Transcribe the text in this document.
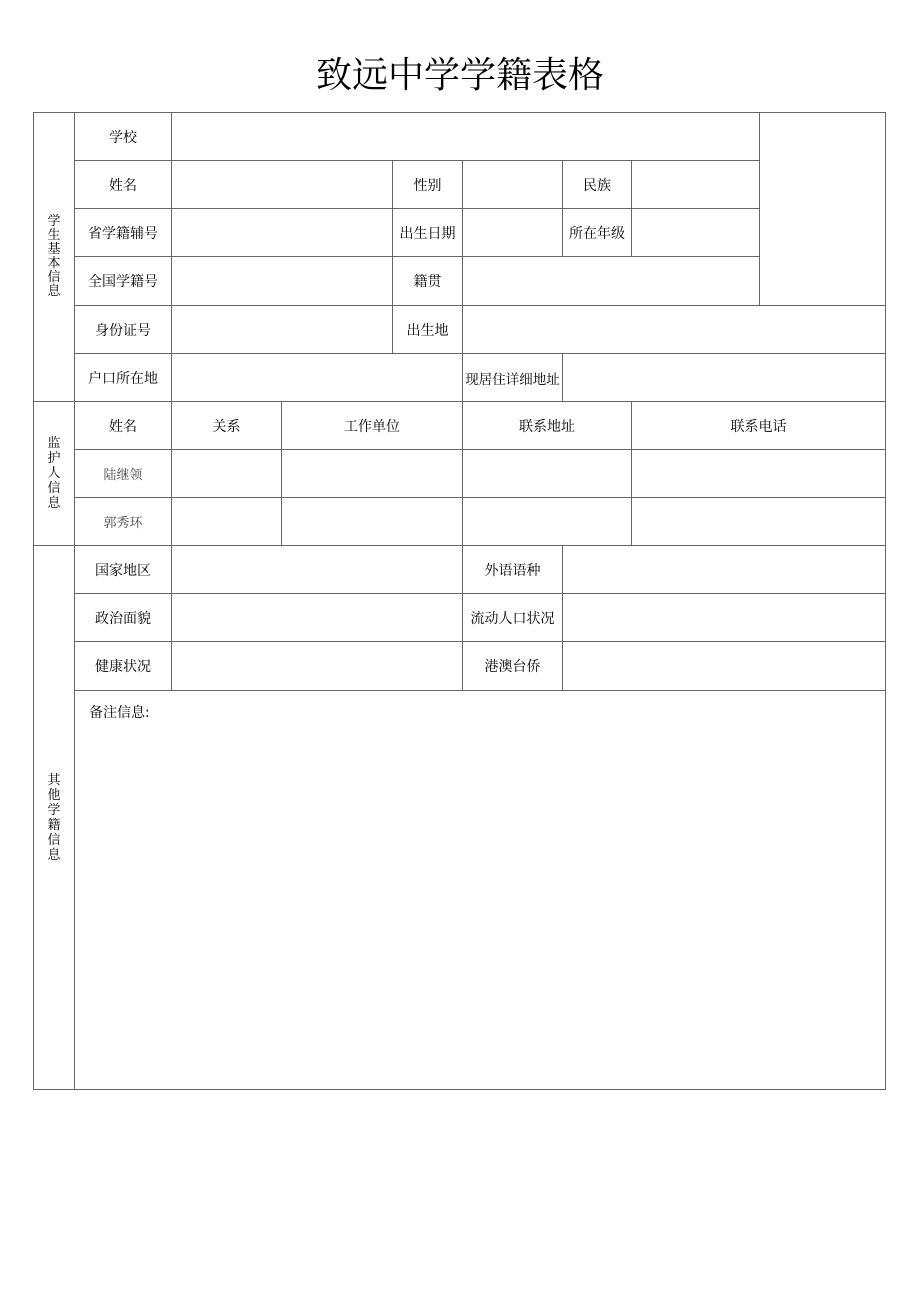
致远中学学籍表格
学生基本信息
监护人信息
其他学籍信息
学校
姓名	性别	民族
省学籍辅号	出生日期	所在年级
全国学籍号	籍贯
身份证号	出生地
户口所在地	现居住详细地址
姓名	关系	工作单位	联系地址	联系电话
陆继领
郭秀环
国家地区	外语语种
政治面貌	流动人口状况
健康状况	港澳台侨
备注信息:
